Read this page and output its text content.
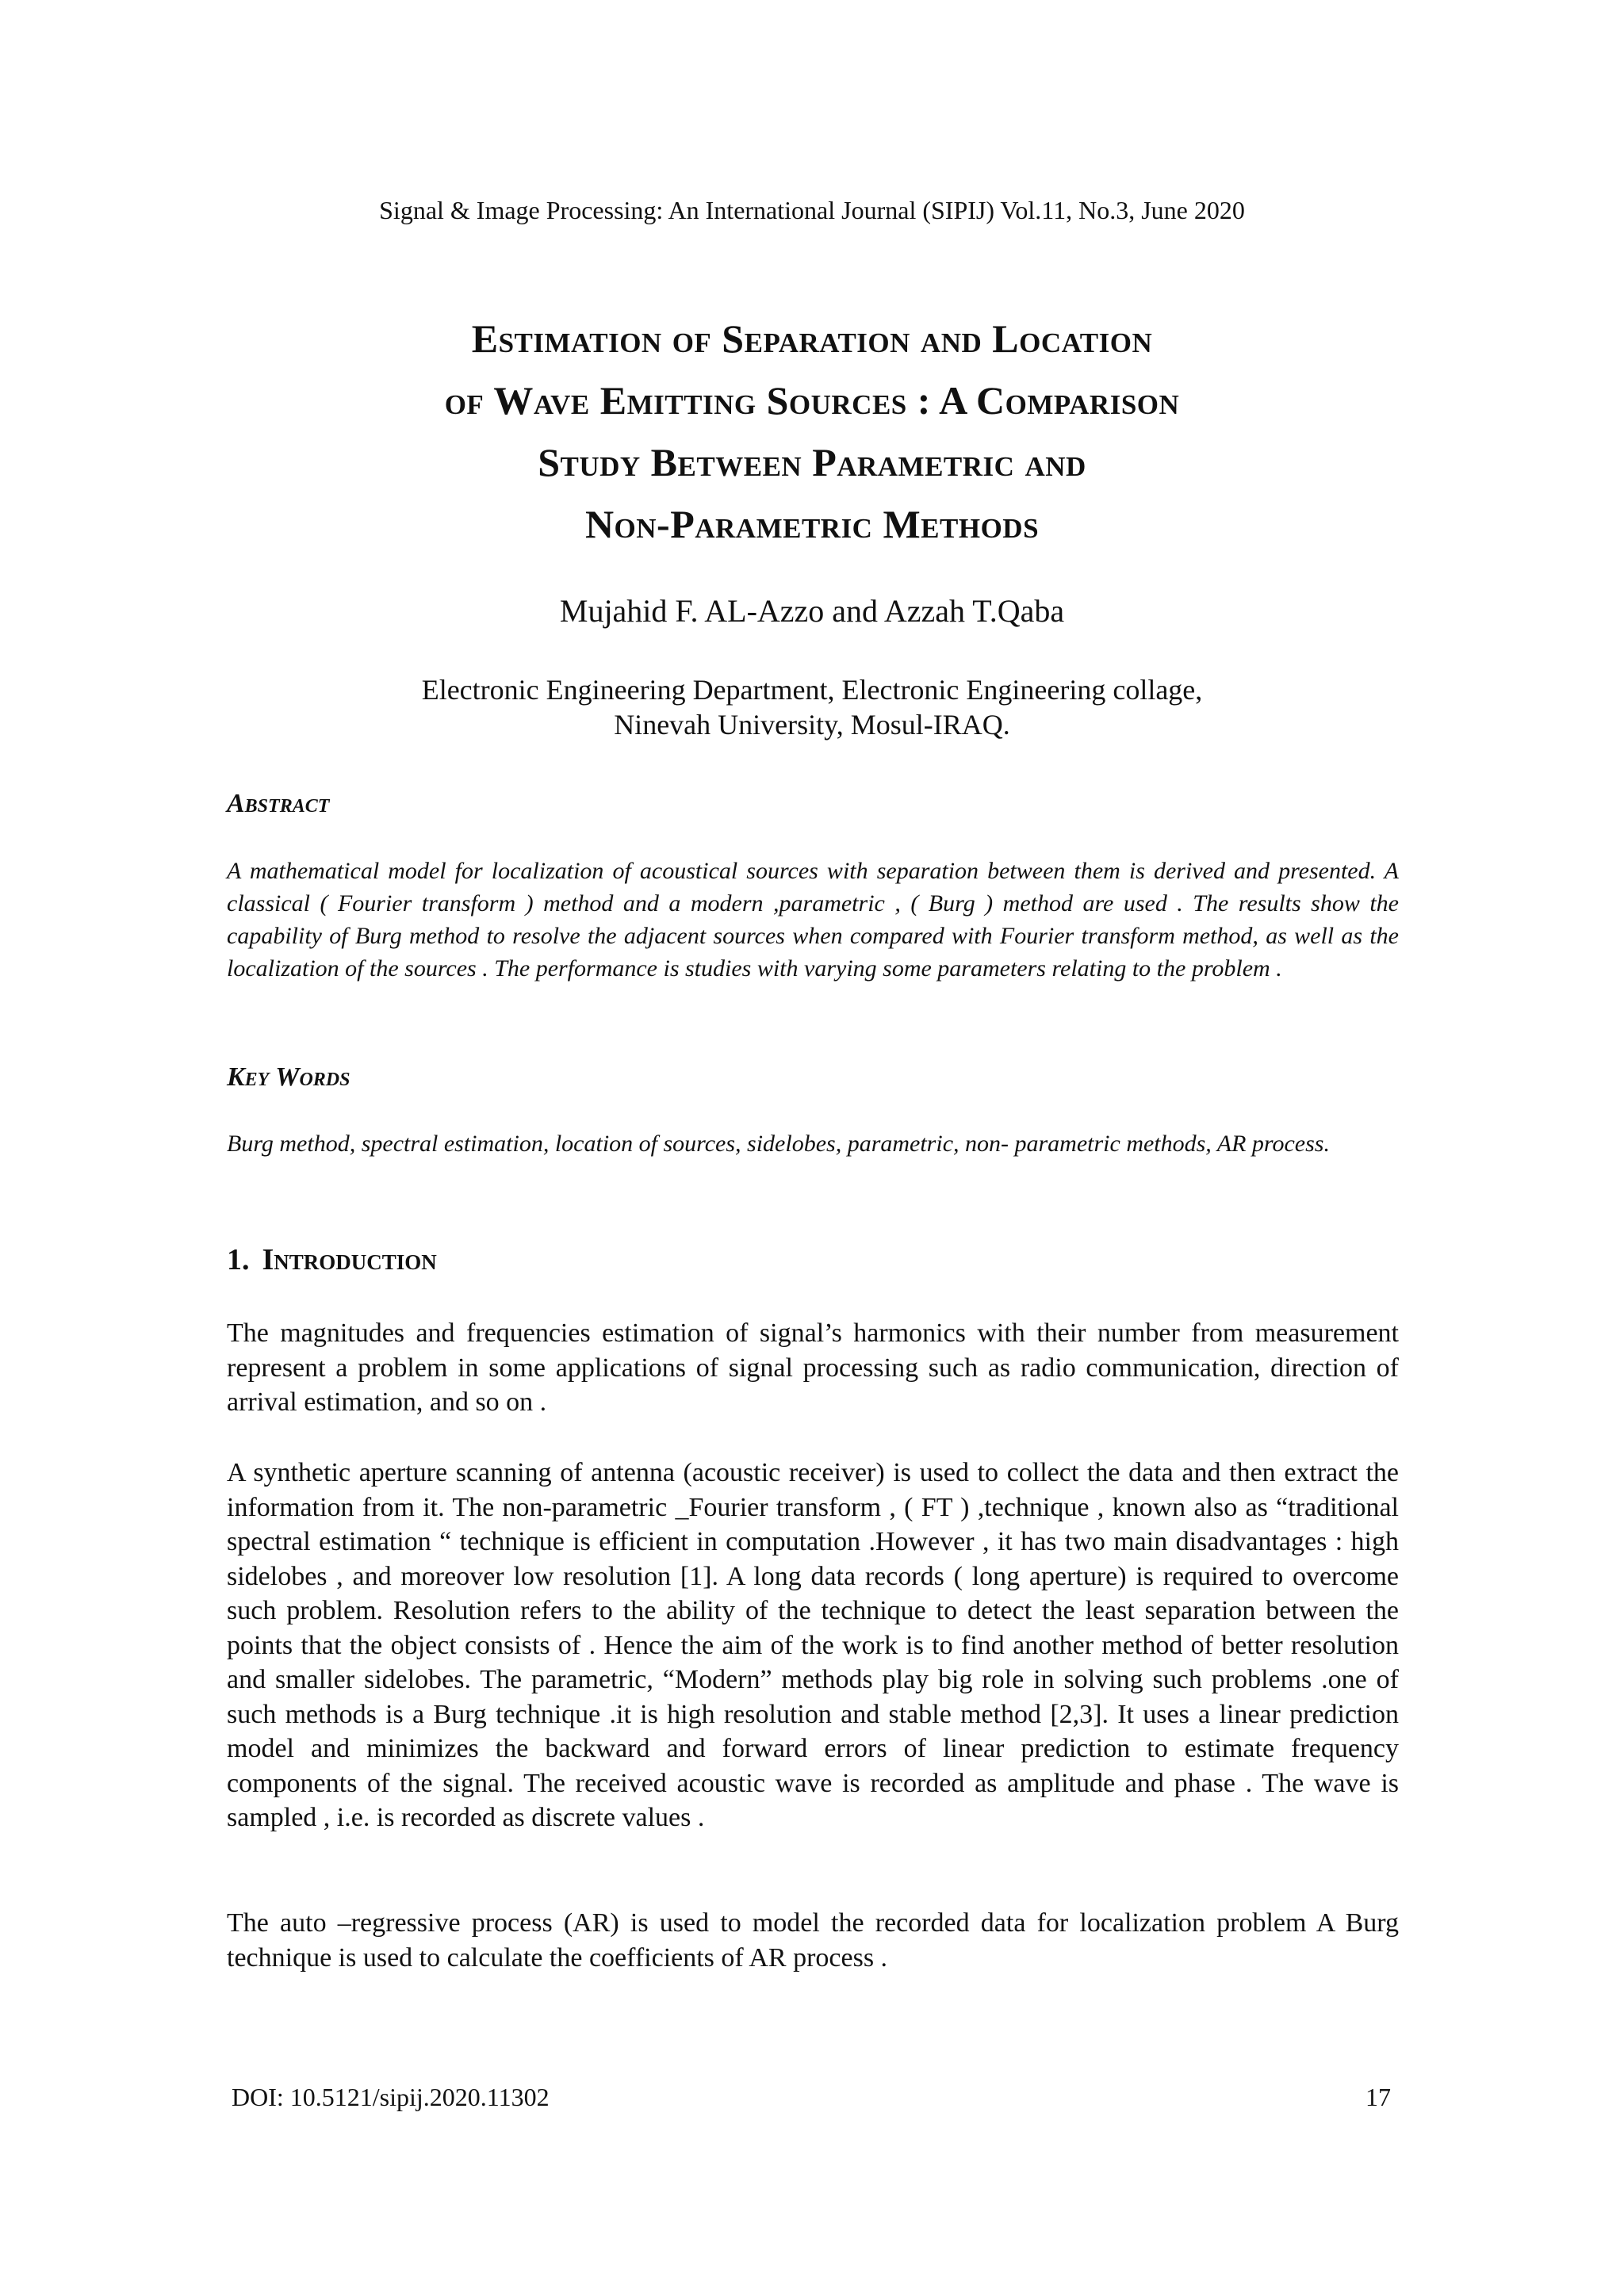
Signal & Image Processing: An International Journal (SIPIJ) Vol.11, No.3, June 2020
Estimation of Separation and Location
of Wave Emitting Sources : A Comparison
Study Between Parametric and
Non-Parametric Methods
Mujahid F. AL-Azzo and Azzah T.Qaba
Electronic Engineering Department, Electronic Engineering collage,
Ninevah University, Mosul-IRAQ.
Abstract

A mathematical model for localization of acoustical sources with separation between them is derived and presented. A classical ( Fourier transform ) method and a modern ,parametric , ( Burg ) method are used . The results show the capability of Burg method to resolve the adjacent sources when compared with Fourier transform method, as well as the localization of the sources . The performance is studies with varying some parameters relating to the problem .

Key Words

Burg method, spectral estimation, location of sources, sidelobes, parametric, non- parametric methods, AR process.

1. Introduction

The magnitudes and frequencies estimation of signal’s harmonics with their number from measurement represent a problem in some applications of signal processing such as radio communication, direction of arrival estimation, and so on .

A synthetic aperture scanning of antenna (acoustic receiver) is used to collect the data and then extract the information from it. The non-parametric _Fourier transform , ( FT ) ,technique , known also as “traditional spectral estimation “ technique is efficient in computation .However , it has two main disadvantages : high sidelobes , and moreover low resolution [1]. A long data records ( long aperture) is required to overcome such problem. Resolution refers to the ability of the technique to detect the least separation between the points that the object consists of . Hence the aim of the work is to find another method of better resolution and smaller sidelobes. The parametric, “Modern” methods play big role in solving such problems .one of such methods is a Burg technique .it is high resolution and stable method [2,3]. It uses a linear prediction model and minimizes the backward and forward errors of linear prediction to estimate frequency components of the signal. The received acoustic wave is recorded as amplitude and phase . The wave is sampled , i.e. is recorded as discrete values .

The auto –regressive process (AR) is used to model the recorded data for localization problem A Burg technique is used to calculate the coefficients of AR process .

DOI: 10.5121/sipij.2020.11302	17
